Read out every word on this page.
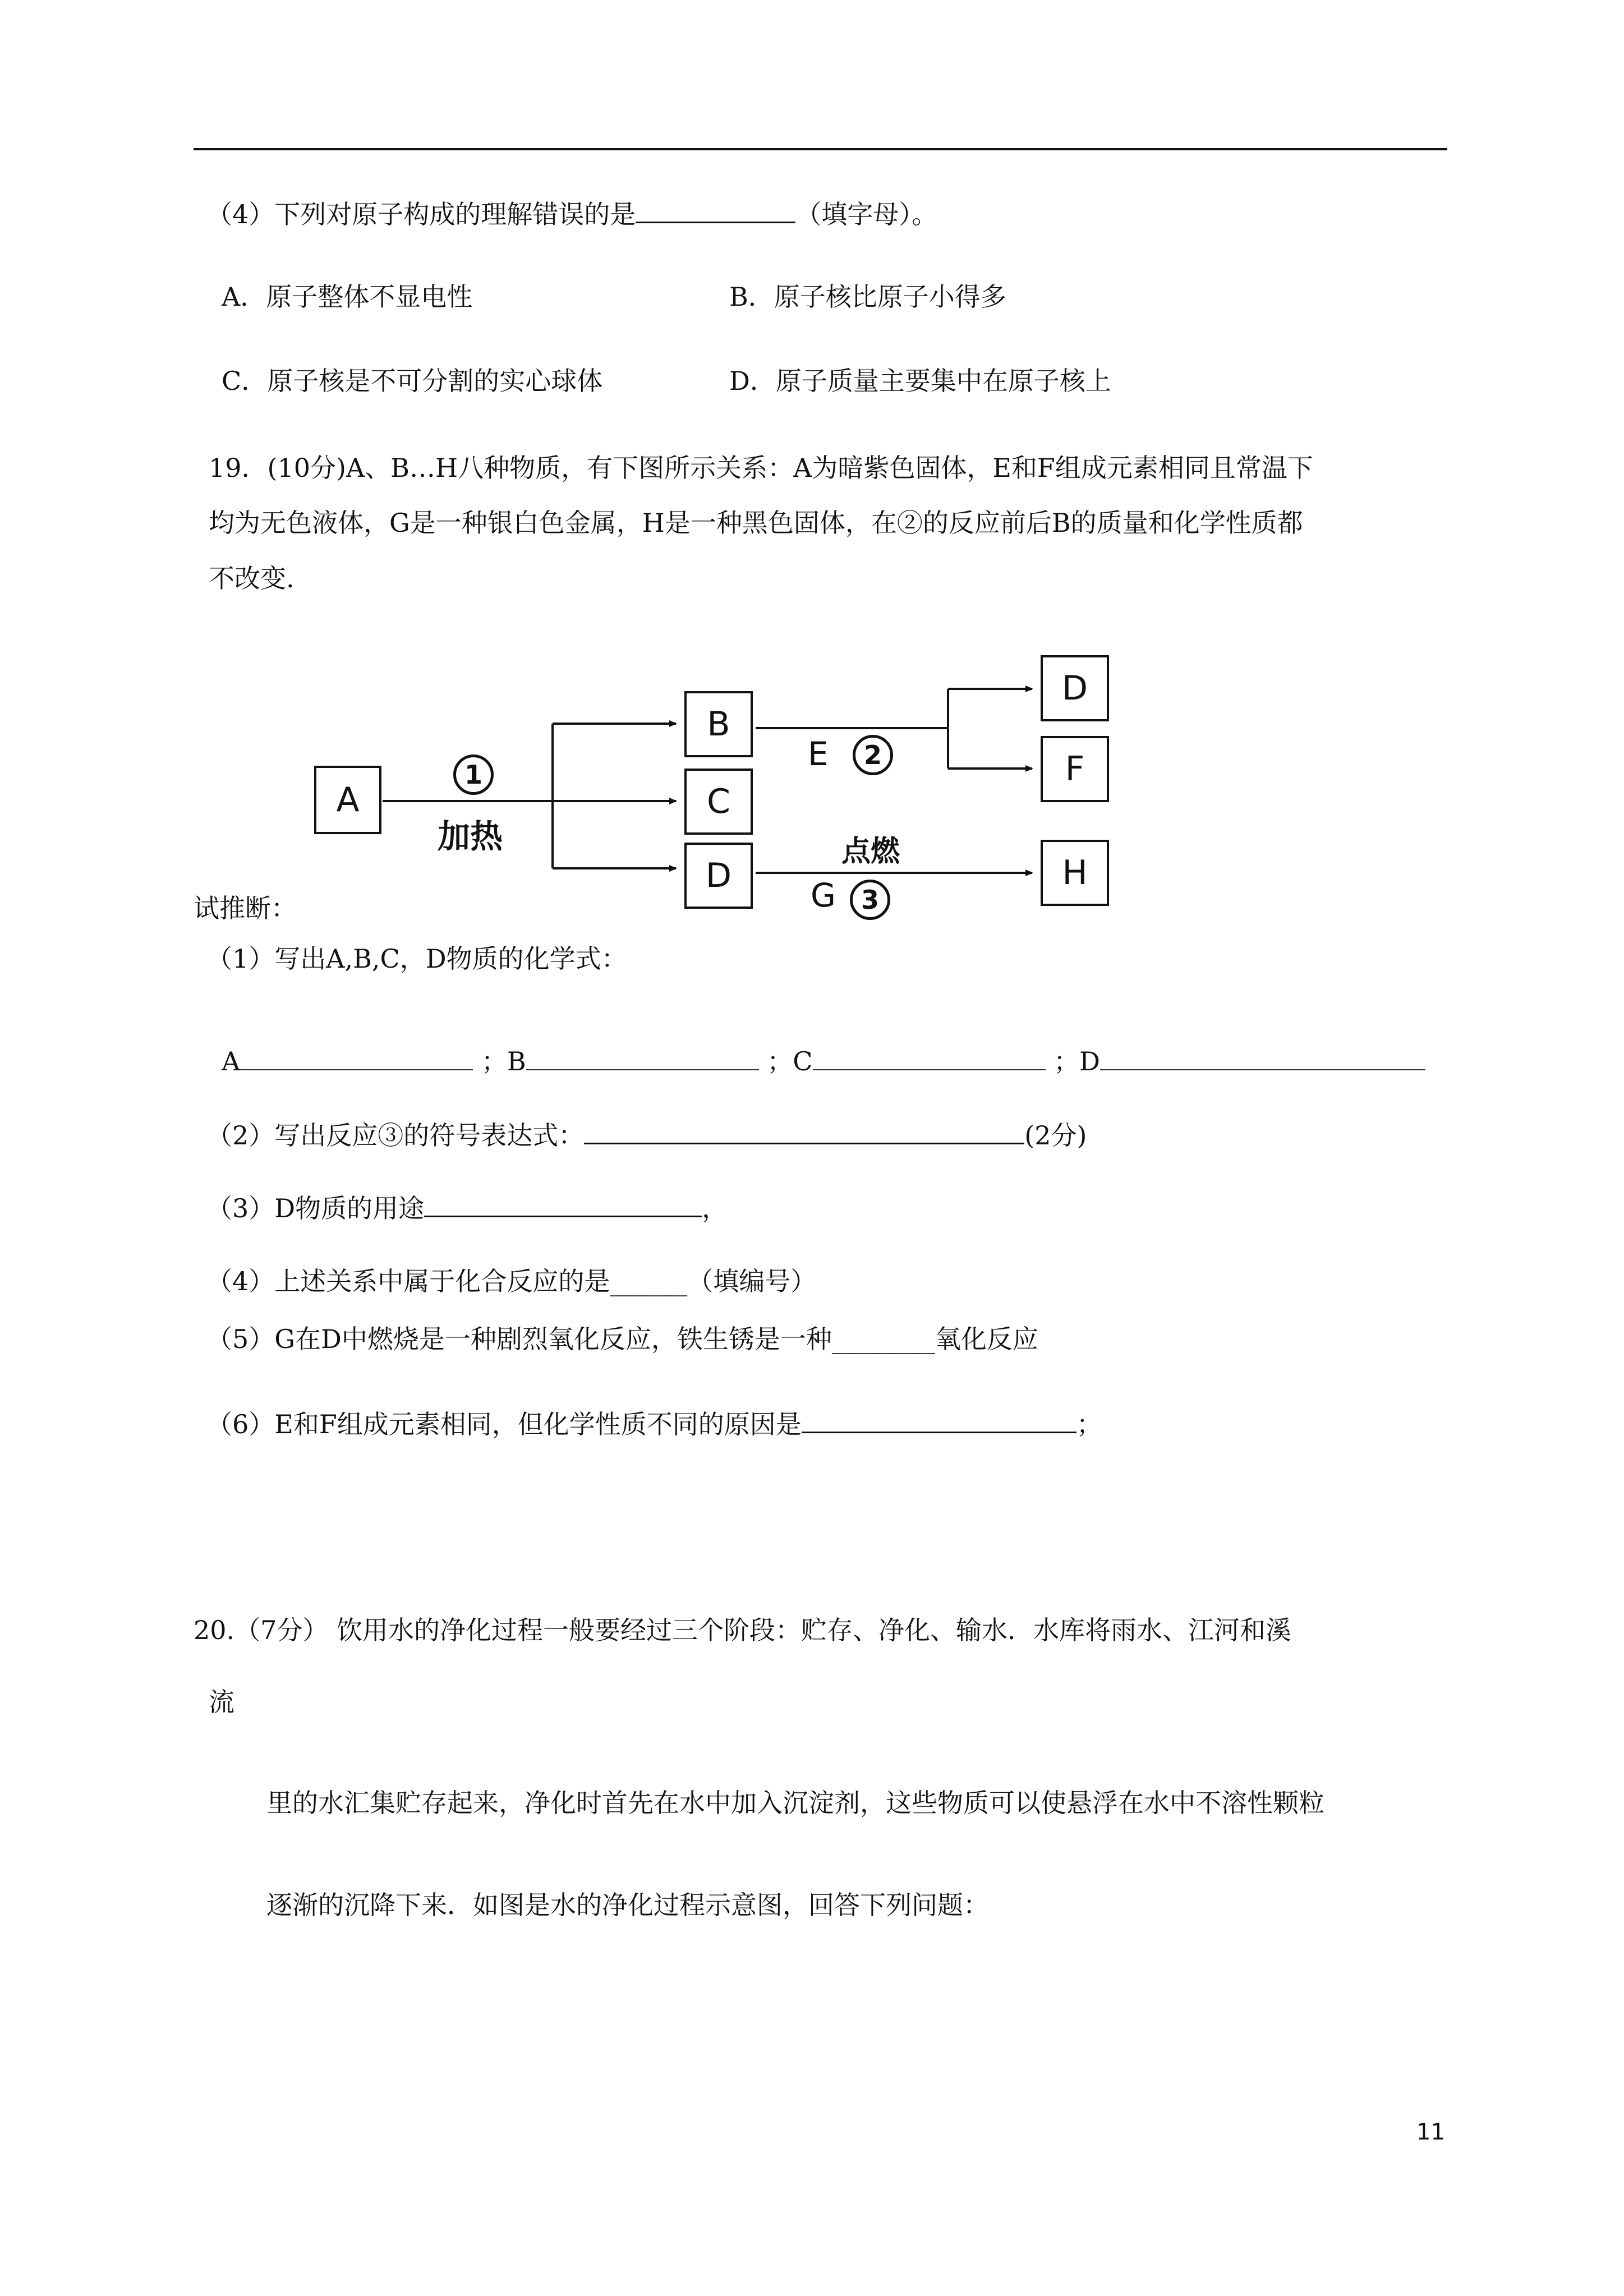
（4）下列对原子构成的理解错误的是	（填字母）。
A．原子整体不显电性	B．原子核比原子小得多
C．原子核是不可分割的实心球体	D．原子质量主要集中在原子核上
19．(10分)A、B…H八种物质，有下图所示关系：A为暗紫色固体，E和F组成元素相同且常温下
均为无色液体，G是一种银白色金属，H是一种黑色固体，在②的反应前后B的质量和化学性质都
不改变.
A
B
C
D
D
F
H
1
加热
E	2
点燃
G 3
试推断：
（1）写出A,B,C，D物质的化学式：
A	；B	；C	；D
（2）写出反应③的符号表达式：	(2分)
（3）D物质的用途	，
（4）上述关系中属于化合反应的是______（填编号）
（5）G在D中燃烧是一种剧烈氧化反应，铁生锈是一种________氧化反应
（6）E和F组成元素相同，但化学性质不同的原因是	；
20.（7分） 饮用水的净化过程一般要经过三个阶段：贮存、净化、输水．水库将雨水、江河和溪
流
里的水汇集贮存起来，净化时首先在水中加入沉淀剂，这些物质可以使悬浮在水中不溶性颗粒
逐渐的沉降下来．如图是水的净化过程示意图，回答下列问题：
11
